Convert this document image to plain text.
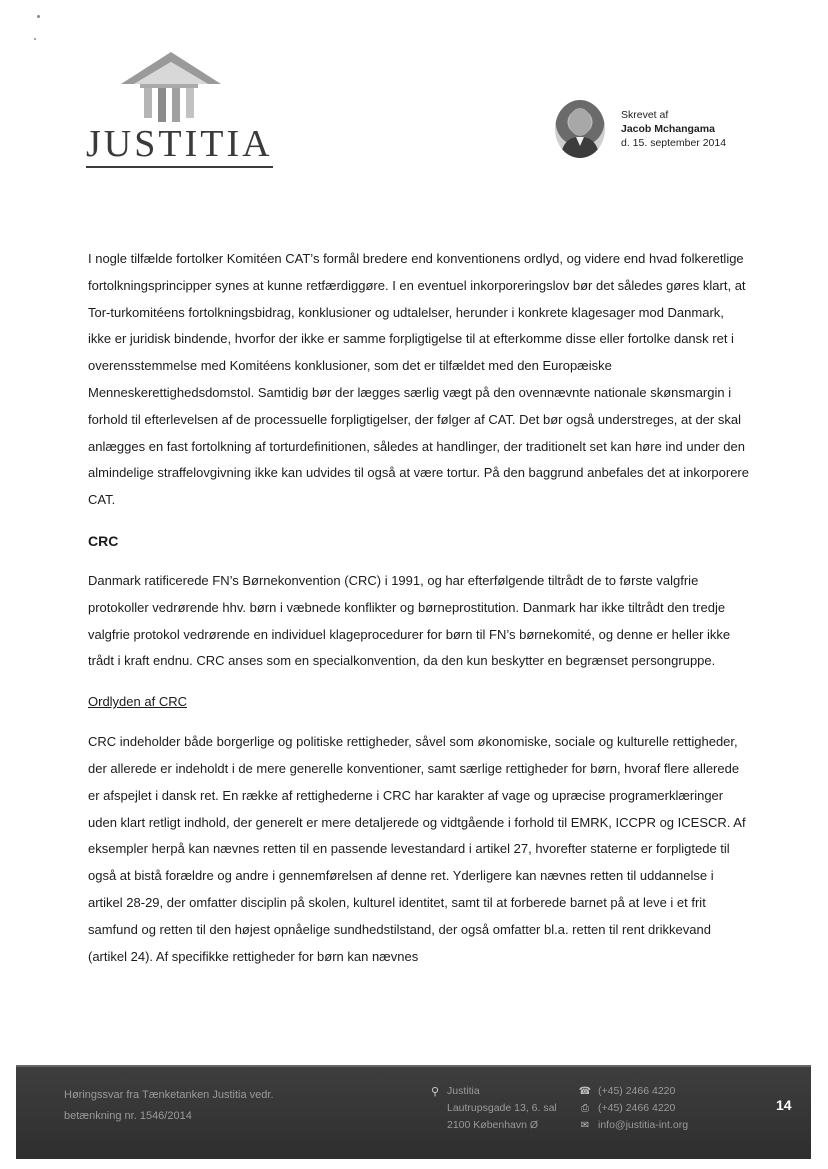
JUSTITIA
Skrevet af
Jacob Mchangama
d. 15. september 2014

I nogle tilfælde fortolker Komitéen CAT’s formål bredere end konventionens ordlyd, og videre end hvad folkeretlige fortolkningsprincipper synes at kunne retfærdiggøre. I en eventuel inkorporeringslov bør det således gøres klart, at Tor-turkomitéens fortolkningsbidrag, konklusioner og udtalelser, herunder i konkrete klagesager mod Danmark, ikke er juridisk bindende, hvorfor der ikke er samme forpligtigelse til at efterkomme disse eller fortolke dansk ret i overensstemmelse med Komitéens konklusioner, som det er tilfældet med den Europæiske Menneskerettighedsdomstol. Samtidig bør der lægges særlig vægt på den ovennævnte nationale skønsmargin i forhold til efterlevelsen af de processuelle forpligtigelser, der følger af CAT. Det bør også understreges, at der skal anlægges en fast fortolkning af torturdefinitionen, således at handlinger, der traditionelt set kan høre ind under den almindelige straffelovgivning ikke kan udvides til også at være tortur. På den baggrund anbefales det at inkorporere CAT.

CRC

Danmark ratificerede FN’s Børnekonvention (CRC) i 1991, og har efterfølgende tiltrådt de to første valgfrie protokoller vedrørende hhv. børn i væbnede konflikter og børneprostitution. Danmark har ikke tiltrådt den tredje valgfrie protokol vedrørende en individuel klageprocedurer for børn til FN’s børnekomité, og denne er heller ikke trådt i kraft endnu. CRC anses som en specialkonvention, da den kun beskytter en begrænset persongruppe.

Ordlyden af CRC

CRC indeholder både borgerlige og politiske rettigheder, såvel som økonomiske, sociale og kulturelle rettigheder, der allerede er indeholdt i de mere generelle konventioner, samt særlige rettigheder for børn, hvoraf flere allerede er afspejlet i dansk ret. En række af rettighederne i CRC har karakter af vage og upræcise programerklæringer uden klart retligt indhold, der generelt er mere detaljerede og vidtgående i forhold til EMRK, ICCPR og ICESCR. Af eksempler herpå kan nævnes retten til en passende levestandard i artikel 27, hvorefter staterne er forpligtede til også at bistå forældre og andre i gennemførelsen af denne ret. Yderligere kan nævnes retten til uddannelse i artikel 28-29, der omfatter disciplin på skolen, kulturel identitet, samt til at forberede barnet på at leve i et frit samfund og retten til den højest opnåelige sundhedstilstand, der også omfatter bl.a. retten til rent drikkevand (artikel 24). Af specifikke rettigheder for børn kan nævnes

Høringssvar fra Tænketanken Justitia vedr.
betænkning nr. 1546/2014
⚲ Justitia
Lautrupsgade 13, 6. sal
2100 København Ø
☎ (+45) 2466 4220
⎙ (+45) 2466 4220
✉ info@justitia-int.org
14
